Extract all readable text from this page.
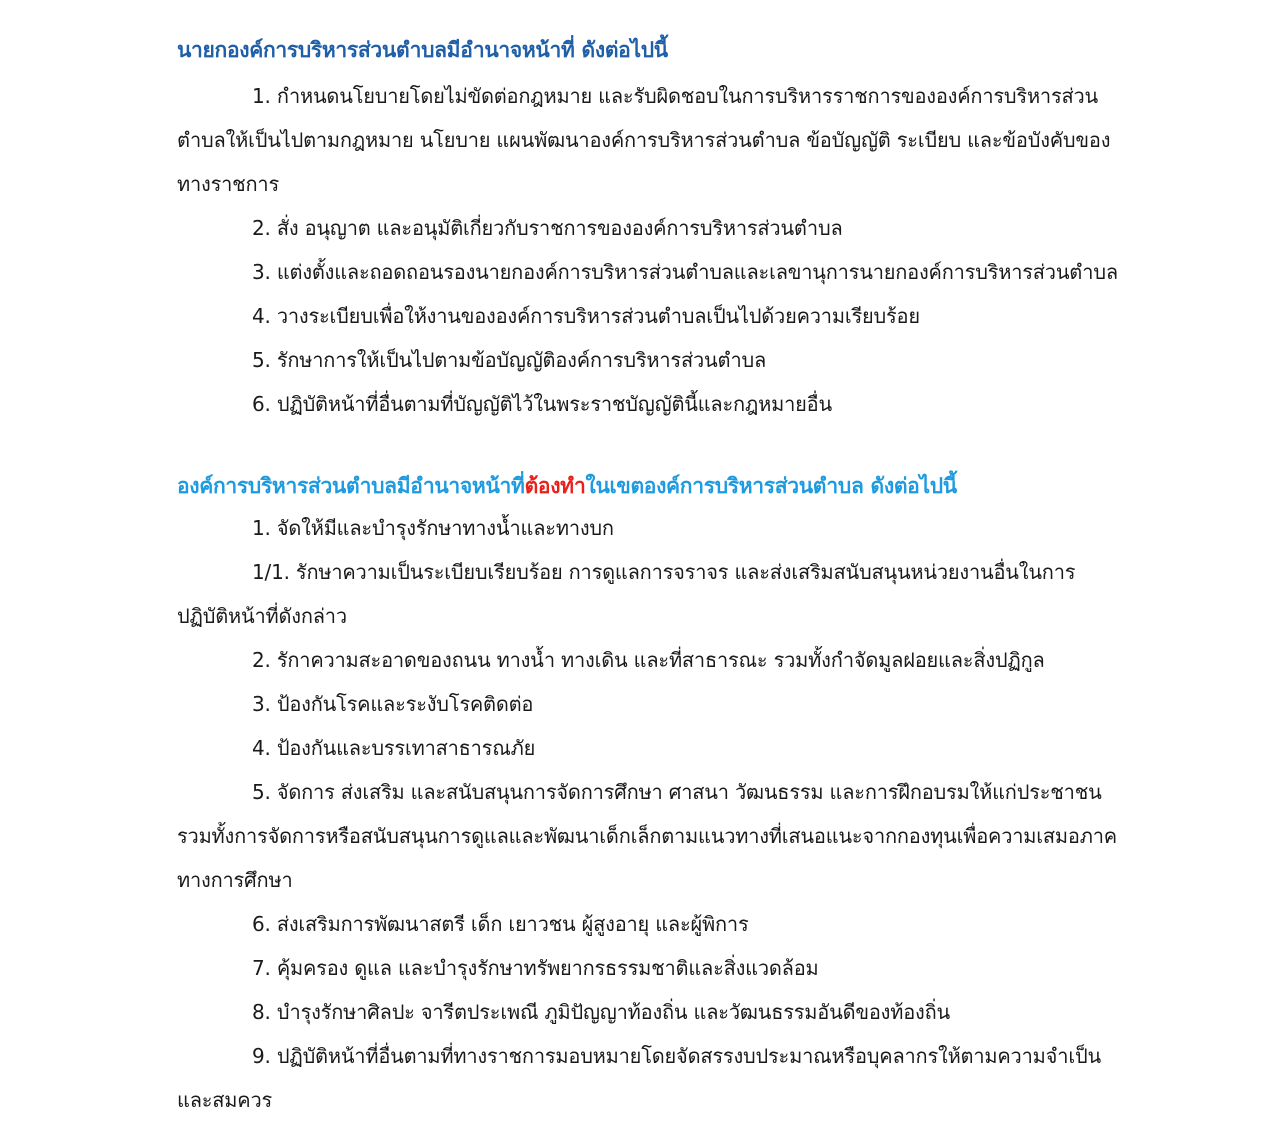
นายกองค์การบริหารส่วนตำบลมีอำนาจหน้าที่ ดังต่อไปนี้

1. กำหนดนโยบายโดยไม่ขัดต่อกฎหมาย และรับผิดชอบในการบริหารราชการขององค์การบริหารส่วน
ตำบลให้เป็นไปตามกฎหมาย นโยบาย แผนพัฒนาองค์การบริหารส่วนตำบล ข้อบัญญัติ ระเบียบ และข้อบังคับของ
ทางราชการ

2. สั่ง อนุญาต และอนุมัติเกี่ยวกับราชการขององค์การบริหารส่วนตำบล

3. แต่งตั้งและถอดถอนรองนายกองค์การบริหารส่วนตำบลและเลขานุการนายกองค์การบริหารส่วนตำบล

4. วางระเบียบเพื่อให้งานขององค์การบริหารส่วนตำบลเป็นไปด้วยความเรียบร้อย

5. รักษาการให้เป็นไปตามข้อบัญญัติองค์การบริหารส่วนตำบล

6. ปฏิบัติหน้าที่อื่นตามที่บัญญัติไว้ในพระราชบัญญัตินี้และกฎหมายอื่น

องค์การบริหารส่วนตำบลมีอำนาจหน้าที่ต้องทำในเขตองค์การบริหารส่วนตำบล ดังต่อไปนี้

1. จัดให้มีและบำรุงรักษาทางน้ำและทางบก

1/1. รักษาความเป็นระเบียบเรียบร้อย การดูแลการจราจร และส่งเสริมสนับสนุนหน่วยงานอื่นในการ
ปฏิบัติหน้าที่ดังกล่าว

2. รักาความสะอาดของถนน ทางน้ำ ทางเดิน และที่สาธารณะ รวมทั้งกำจัดมูลฝอยและสิ่งปฏิกูล

3. ป้องกันโรคและระงับโรคติดต่อ

4. ป้องกันและบรรเทาสาธารณภัย

5. จัดการ ส่งเสริม และสนับสนุนการจัดการศึกษา ศาสนา วัฒนธรรม และการฝึกอบรมให้แก่ประชาชน
รวมทั้งการจัดการหรือสนับสนุนการดูแลและพัฒนาเด็กเล็กตามแนวทางที่เสนอแนะจากกองทุนเพื่อความเสมอภาค
ทางการศึกษา

6. ส่งเสริมการพัฒนาสตรี เด็ก เยาวชน ผู้สูงอายุ และผู้พิการ

7. คุ้มครอง ดูแล และบำรุงรักษาทรัพยากรธรรมชาติและสิ่งแวดล้อม

8. บำรุงรักษาศิลปะ จารีตประเพณี ภูมิปัญญาท้องถิ่น และวัฒนธรรมอันดีของท้องถิ่น

9. ปฏิบัติหน้าที่อื่นตามที่ทางราชการมอบหมายโดยจัดสรรงบประมาณหรือบุคลากรให้ตามความจำเป็น
และสมควร
